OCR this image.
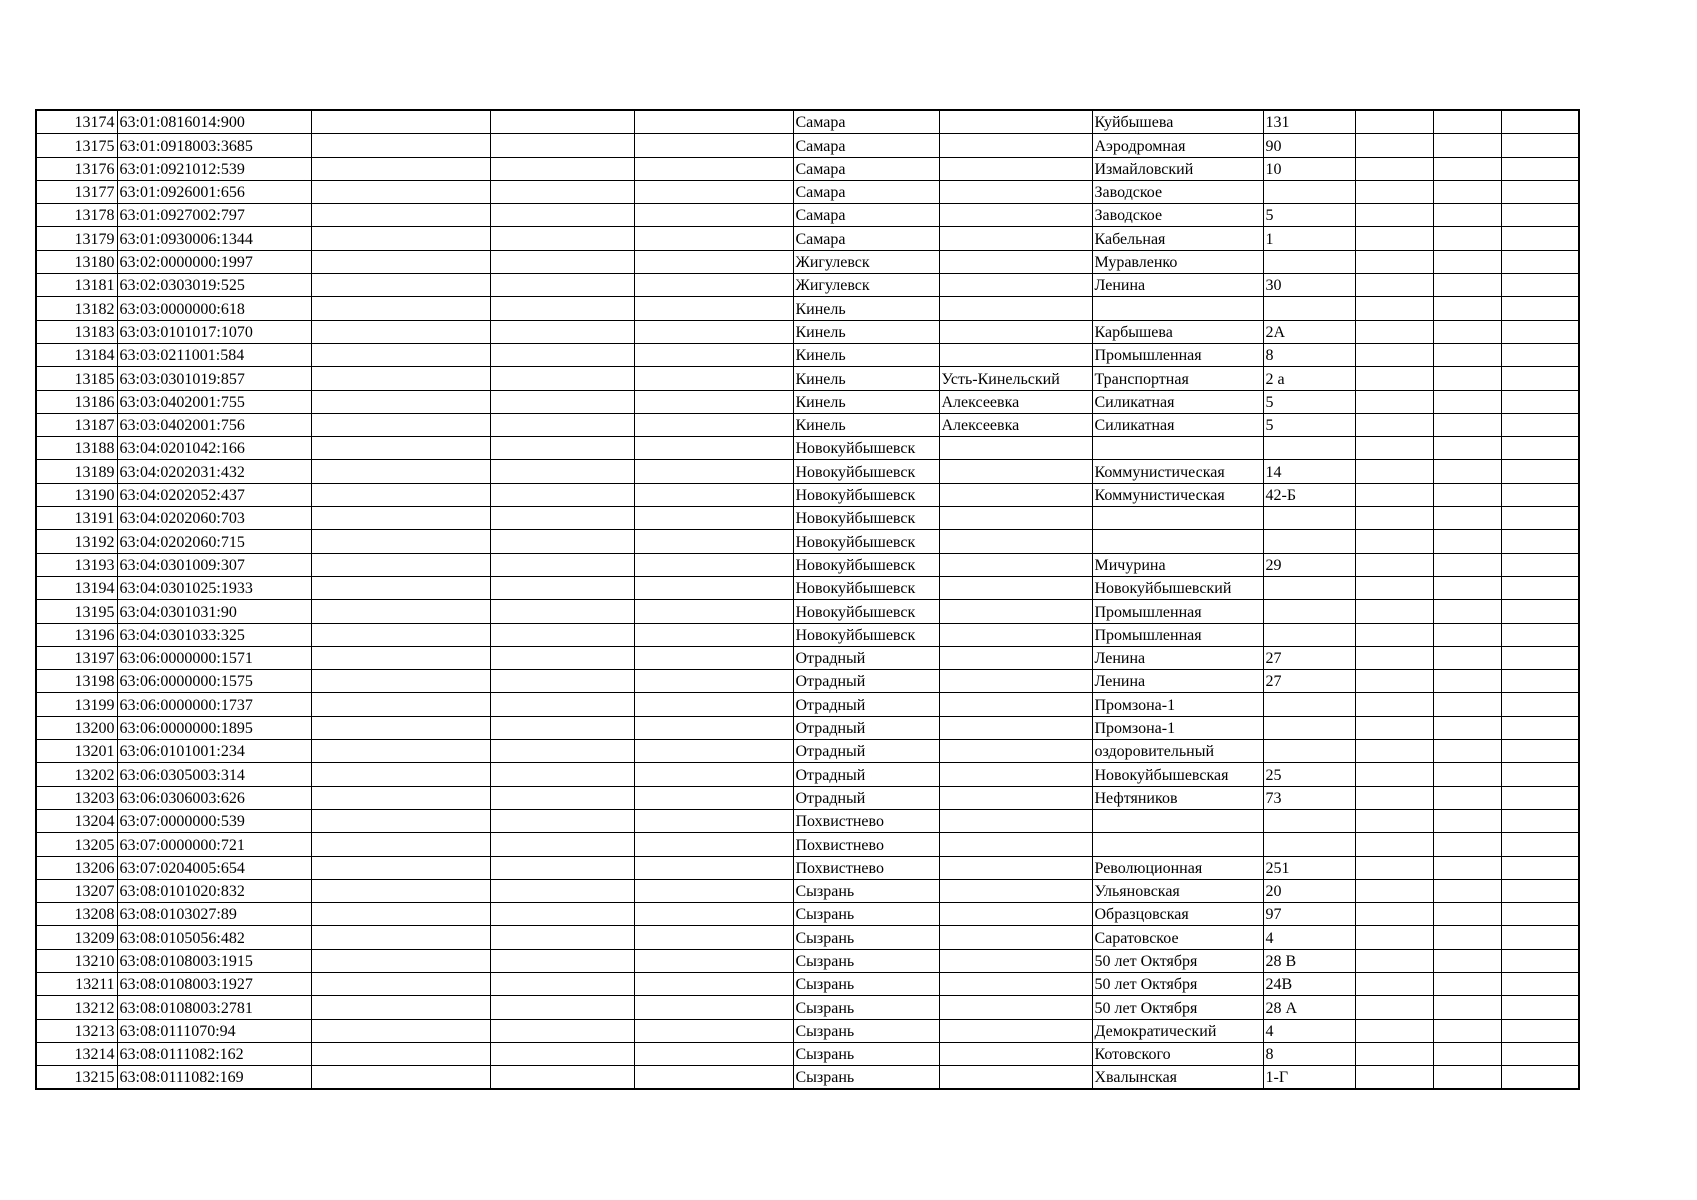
13174	63:01:0816014:900				Самара		Куйбышева	131			
13175	63:01:0918003:3685				Самара		Аэродромная	90			
13176	63:01:0921012:539				Самара		Измайловский	10			
13177	63:01:0926001:656				Самара		Заводское				
13178	63:01:0927002:797				Самара		Заводское	5			
13179	63:01:0930006:1344				Самара		Кабельная	1			
13180	63:02:0000000:1997				Жигулевск		Муравленко				
13181	63:02:0303019:525				Жигулевск		Ленина	30			
13182	63:03:0000000:618				Кинель						
13183	63:03:0101017:1070				Кинель		Карбышева	2А			
13184	63:03:0211001:584				Кинель		Промышленная	8			
13185	63:03:0301019:857				Кинель	Усть-Кинельский	Транспортная	2 а			
13186	63:03:0402001:755				Кинель	Алексеевка	Силикатная	5			
13187	63:03:0402001:756				Кинель	Алексеевка	Силикатная	5			
13188	63:04:0201042:166				Новокуйбышевск						
13189	63:04:0202031:432				Новокуйбышевск		Коммунистическая	14			
13190	63:04:0202052:437				Новокуйбышевск		Коммунистическая	42-Б			
13191	63:04:0202060:703				Новокуйбышевск						
13192	63:04:0202060:715				Новокуйбышевск						
13193	63:04:0301009:307				Новокуйбышевск		Мичурина	29			
13194	63:04:0301025:1933				Новокуйбышевск		Новокуйбышевский				
13195	63:04:0301031:90				Новокуйбышевск		Промышленная				
13196	63:04:0301033:325				Новокуйбышевск		Промышленная				
13197	63:06:0000000:1571				Отрадный		Ленина	27			
13198	63:06:0000000:1575				Отрадный		Ленина	27			
13199	63:06:0000000:1737				Отрадный		Промзона-1				
13200	63:06:0000000:1895				Отрадный		Промзона-1				
13201	63:06:0101001:234				Отрадный		оздоровительный				
13202	63:06:0305003:314				Отрадный		Новокуйбышевская	25			
13203	63:06:0306003:626				Отрадный		Нефтяников	73			
13204	63:07:0000000:539				Похвистнево						
13205	63:07:0000000:721				Похвистнево						
13206	63:07:0204005:654				Похвистнево		Революционная	251			
13207	63:08:0101020:832				Сызрань		Ульяновская	20			
13208	63:08:0103027:89				Сызрань		Образцовская	97			
13209	63:08:0105056:482				Сызрань		Саратовское	4			
13210	63:08:0108003:1915				Сызрань		50 лет Октября	28 В			
13211	63:08:0108003:1927				Сызрань		50 лет Октября	24В			
13212	63:08:0108003:2781				Сызрань		50 лет Октября	28 А			
13213	63:08:0111070:94				Сызрань		Демократический	4			
13214	63:08:0111082:162				Сызрань		Котовского	8			
13215	63:08:0111082:169				Сызрань		Хвалынская	1-Г			
